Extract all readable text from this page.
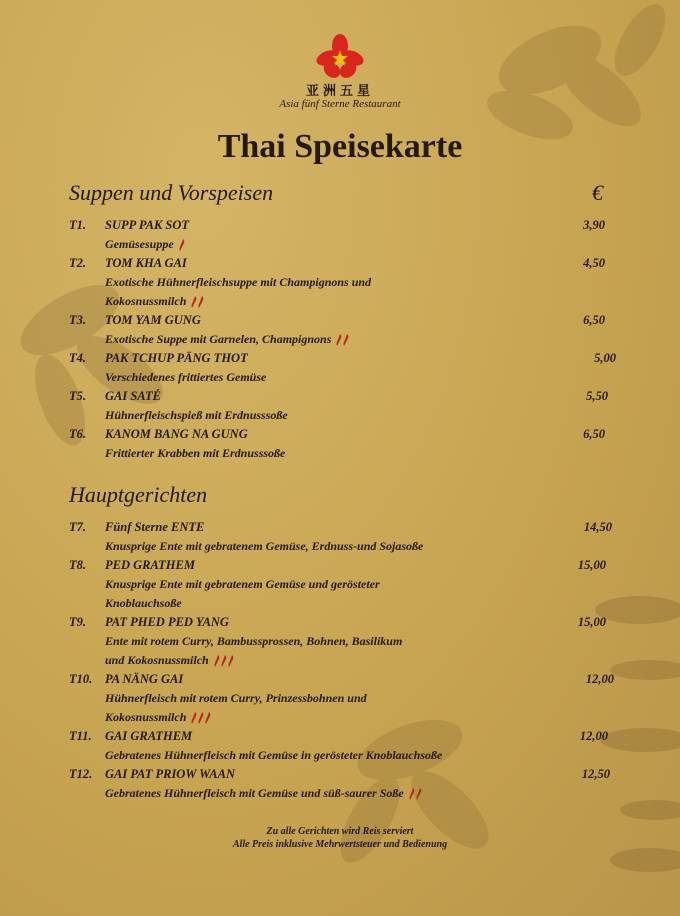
亚洲五星
Asia fünf Sterne Restaurant
Thai Speisekarte
Suppen und Vorspeisen	€
Hauptgerichten
T1. SUPP PAK SOT	3,90
Gemüsesuppe
T2. TOM KHA GAI	4,50
Exotische Hühnerfleischsuppe mit Champignons und
Kokosnussmilch
T3. TOM YAM GUNG	6,50
Exotische Suppe mit Garnelen, Champignons
T4. PAK TCHUP PÄNG THOT	5,00
Verschiedenes frittiertes Gemüse
T5. GAI SATÉ	5,50
Hühnerfleischspieß mit Erdnusssoße
T6. KANOM BANG NA GUNG	6,50
Frittierter Krabben mit Erdnusssoße
T7. Fünf Sterne ENTE	14,50
Knusprige Ente mit gebratenem Gemüse, Erdnuss-und Sojasoße
T8. PED GRATHEM	15,00
Knusprige Ente mit gebratenem Gemüse und gerösteter
Knoblauchsoße
T9. PAT PHED PED YANG	15,00
Ente mit rotem Curry, Bambussprossen, Bohnen, Basilikum
und Kokosnussmilch
T10. PA NÄNG GAI	12,00
Hühnerfleisch mit rotem Curry, Prinzessbohnen und
Kokosnussmilch
T11. GAI GRATHEM	12,00
Gebratenes Hühnerfleisch mit Gemüse in gerösteter Knoblauchsoße
T12. GAI PAT PRIOW WAAN	12,50
Gebratenes Hühnerfleisch mit Gemüse und süß-saurer Soße
Zu alle Gerichten wird Reis serviert
Alle Preis inklusive Mehrwertsteuer und Bedienung
